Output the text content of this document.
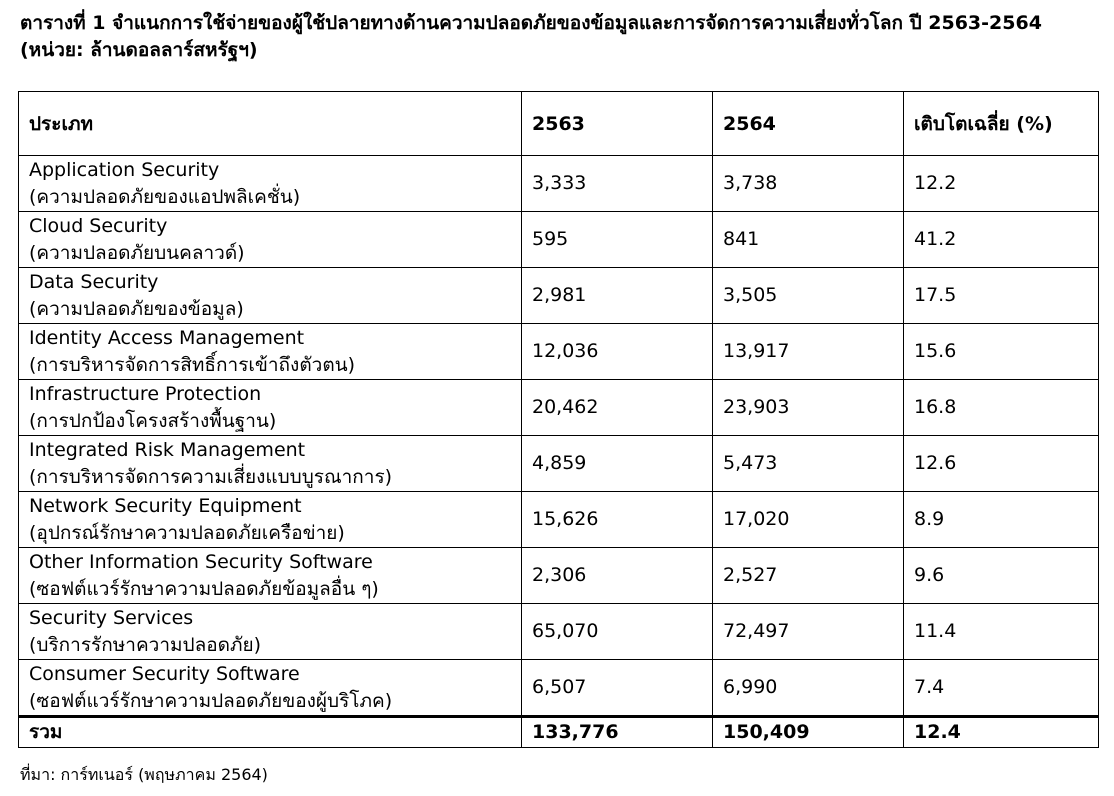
ตารางที่ 1 จำแนกการใช้จ่ายของผู้ใช้ปลายทางด้านความปลอดภัยของข้อมูลและการจัดการความเสี่ยงทั่วโลก ปี 2563-2564 (หน่วย: ล้านดอลลาร์สหรัฐฯ)
ประเภท	2563	2564	เติบโตเฉลี่ย (%)

Application Security
(ความปลอดภัยของแอปพลิเคชั่น)	3,333	3,738	12.2

Cloud Security
(ความปลอดภัยบนคลาวด์)	595	841	41.2

Data Security
(ความปลอดภัยของข้อมูล)	2,981	3,505	17.5

Identity Access Management
(การบริหารจัดการสิทธิ์การเข้าถึงตัวตน)	12,036	13,917	15.6

Infrastructure Protection
(การปกป้องโครงสร้างพื้นฐาน)	20,462	23,903	16.8

Integrated Risk Management
(การบริหารจัดการความเสี่ยงแบบบูรณาการ)	4,859	5,473	12.6

Network Security Equipment
(อุปกรณ์รักษาความปลอดภัยเครือข่าย)	15,626	17,020	8.9

Other Information Security Software
(ซอฟต์แวร์รักษาความปลอดภัยข้อมูลอื่น ๆ)	2,306	2,527	9.6

Security Services
(บริการรักษาความปลอดภัย)	65,070	72,497	11.4

Consumer Security Software
(ซอฟต์แวร์รักษาความปลอดภัยของผู้บริโภค)	6,507	6,990	7.4
รวม	133,776	150,409	12.4
ที่มา: การ์ทเนอร์ (พฤษภาคม 2564)
